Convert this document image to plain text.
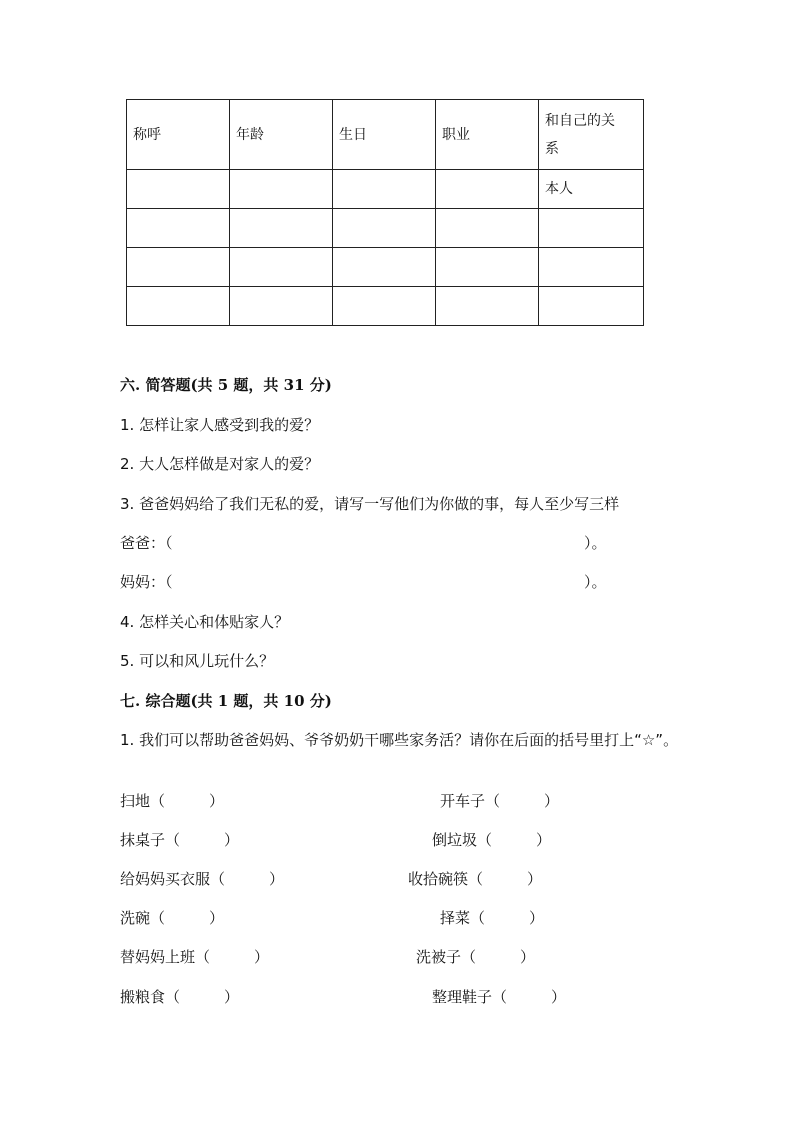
称呼	年龄	生日	职业	和自己的关系

				本人

六. 简答题(共 5 题，共 31 分)
1. 怎样让家人感受到我的爱？
2. 大人怎样做是对家人的爱？
3. 爸爸妈妈给了我们无私的爱，请写一写他们为你做的事，每人至少写三样
爸爸：（	）。
妈妈：（	）。
4. 怎样关心和体贴家人？
5. 可以和风儿玩什么？
七. 综合题(共 1 题，共 10 分)
1. 我们可以帮助爸爸妈妈、爷爷奶奶干哪些家务活？请你在后面的括号里打上“☆”。
扫地（	）
抹桌子（	）
给妈妈买衣服（	）
洗碗（	）
替妈妈上班（	）
搬粮食（	）
开车子（	）
倒垃圾（	）
收拾碗筷（	）
择菜（	）
洗被子（	）
整理鞋子（	）
